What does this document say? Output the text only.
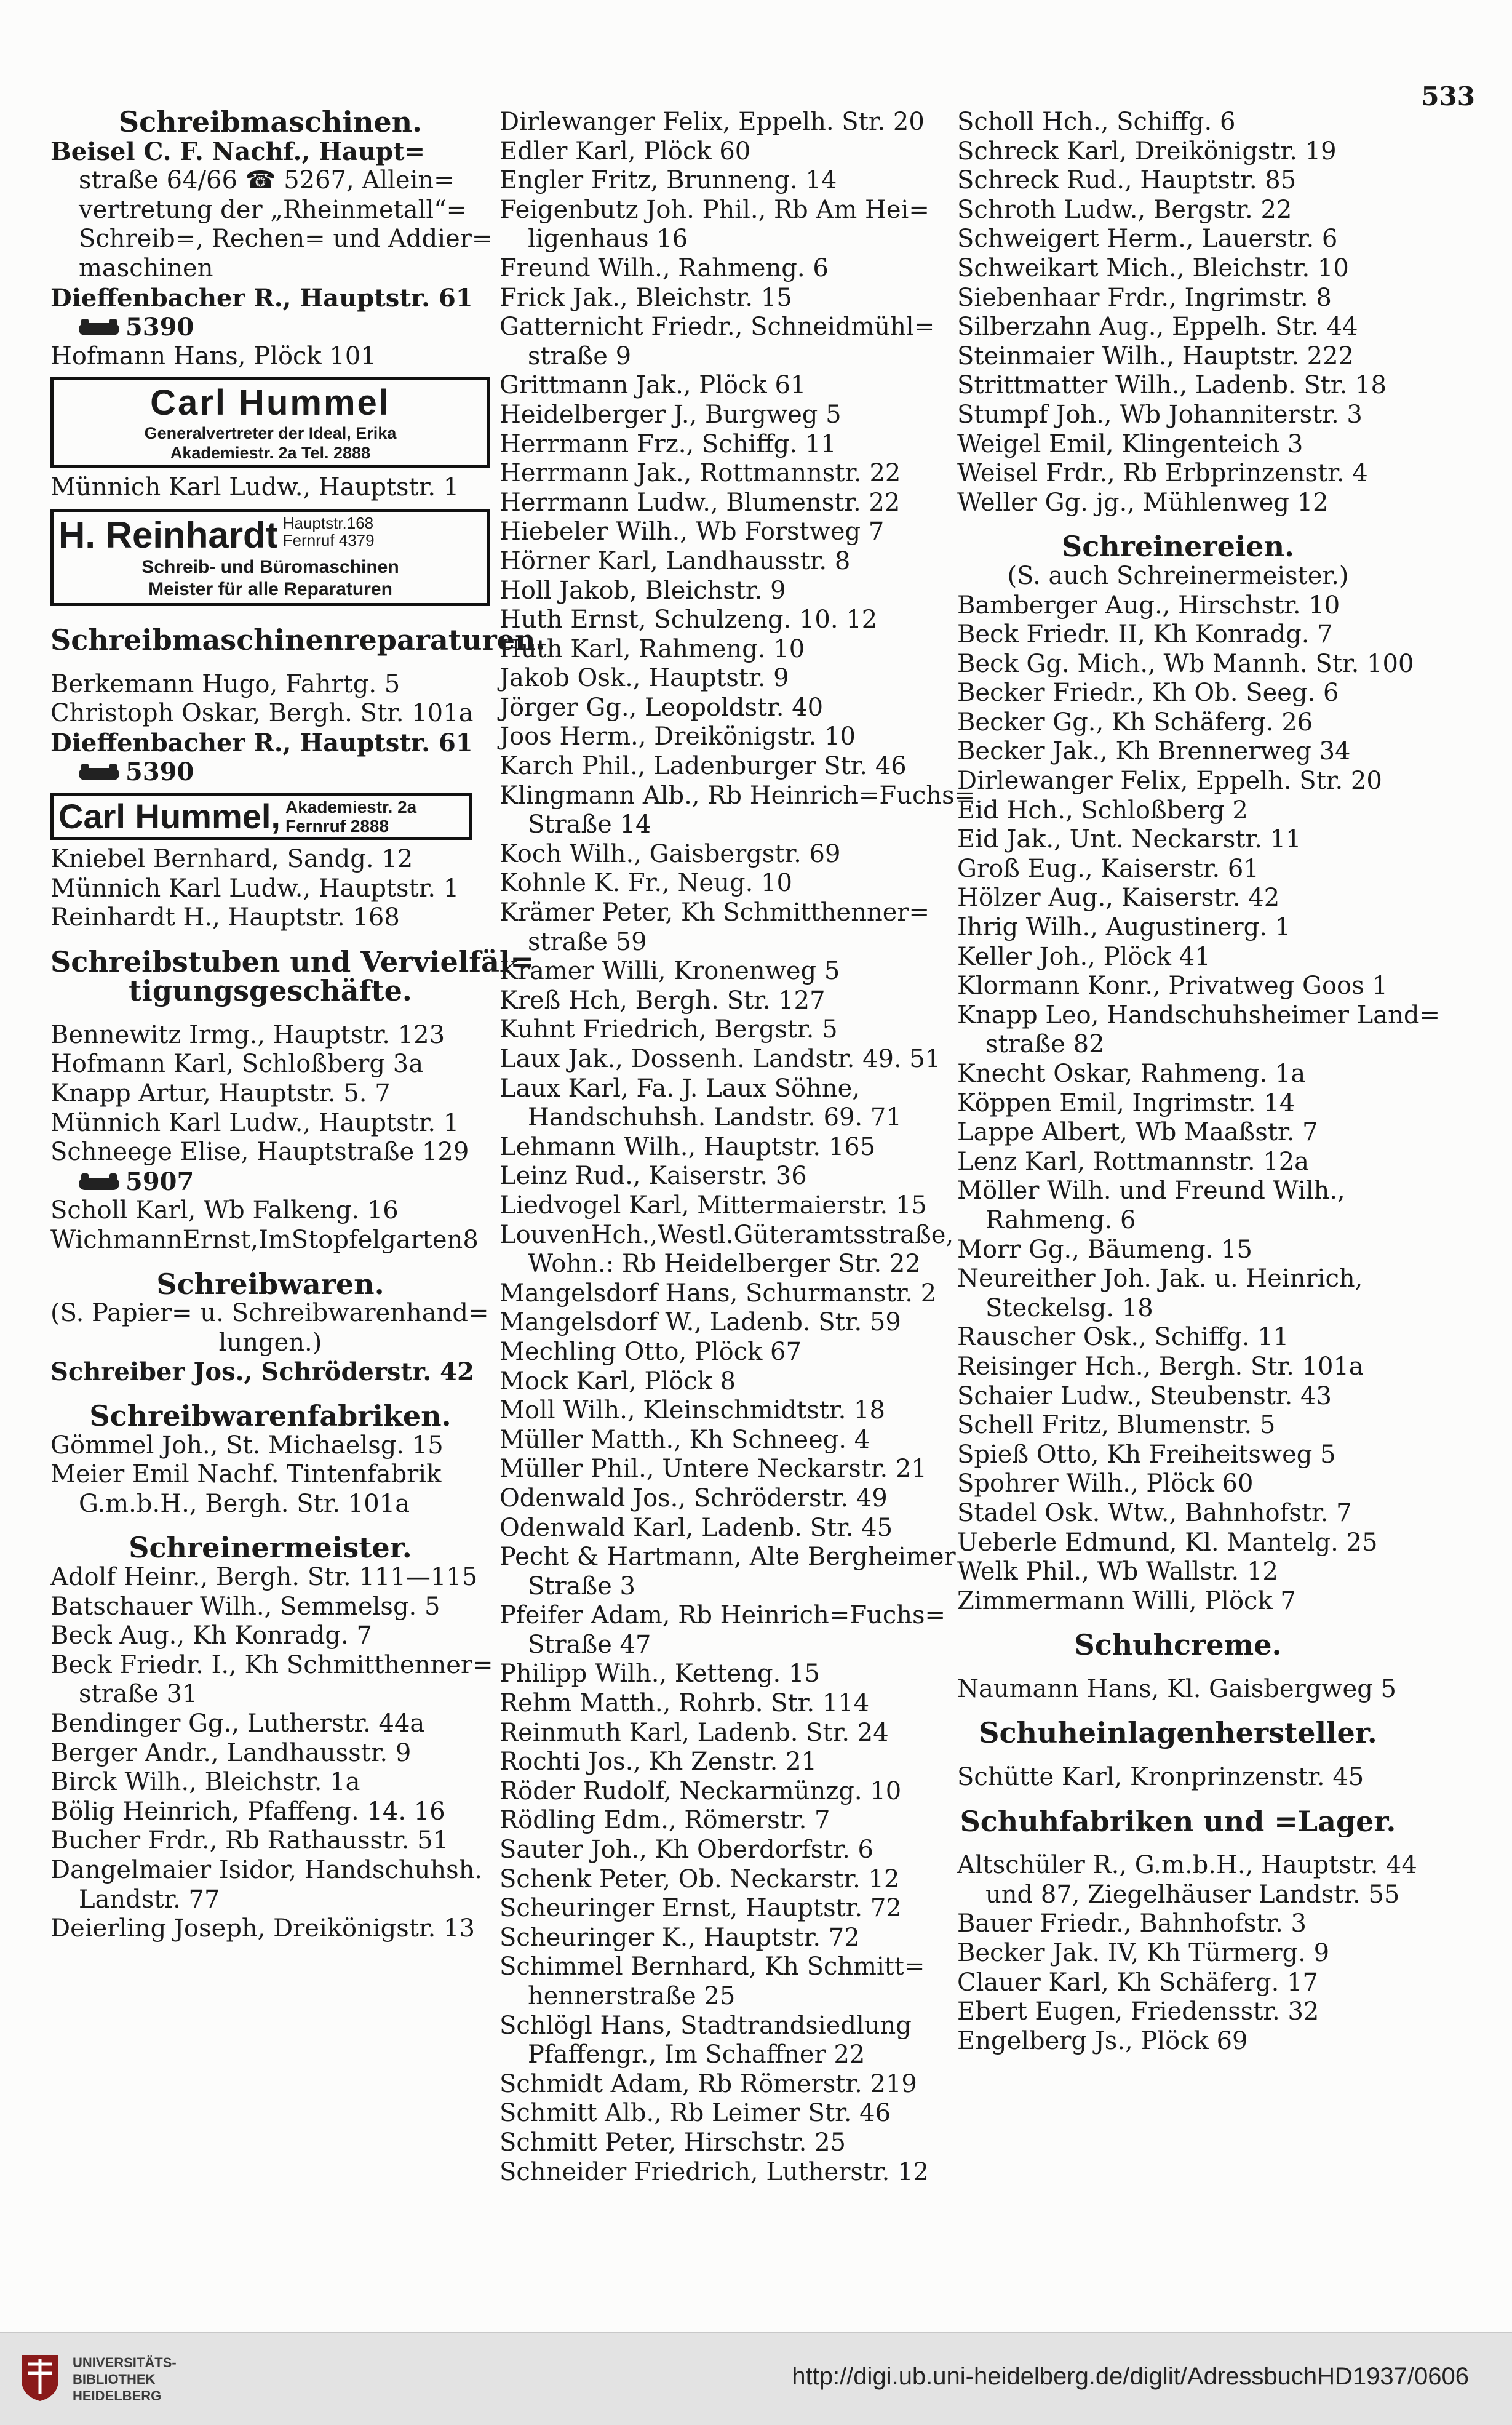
533
Schreibmaschinen.
Beisel C. F. Nachf., Haupt=
straße 64/66 ☎ 5267, Allein=
vertretung der „Rheinmetall“=
Schreib=, Rechen= und Addier=
maschinen
Dieffenbacher R., Hauptstr. 61
5390
Hofmann Hans, Plöck 101
Carl Hummel
Generalvertreter der Ideal, Erika
Akademiestr. 2a Tel. 2888
Münnich Karl Ludw., Hauptstr. 1
H. Reinhardt Hauptstr.168
Fernruf 4379
Schreib- und Büromaschinen
Meister für alle Reparaturen
Schreibmaschinenreparaturen.
Berkemann Hugo, Fahrtg. 5
Christoph Oskar, Bergh. Str. 101a
Dieffenbacher R., Hauptstr. 61
5390
Carl Hummel, Akademiestr. 2a
Fernruf 2888
Kniebel Bernhard, Sandg. 12
Münnich Karl Ludw., Hauptstr. 1
Reinhardt H., Hauptstr. 168
Schreibstuben und Vervielfäl=
tigungsgeschäfte.
Bennewitz Irmg., Hauptstr. 123
Hofmann Karl, Schloßberg 3a
Knapp Artur, Hauptstr. 5. 7
Münnich Karl Ludw., Hauptstr. 1
Schneege Elise, Hauptstraße 129
5907
Scholl Karl, Wb Falkeng. 16
WichmannErnst,ImStopfelgarten8
Schreibwaren.
(S. Papier= u. Schreibwarenhand=
lungen.)
Schreiber Jos., Schröderstr. 42
Schreibwarenfabriken.
Gömmel Joh., St. Michaelsg. 15
Meier Emil Nachf. Tintenfabrik
G.m.b.H., Bergh. Str. 101a
Schreinermeister.
Adolf Heinr., Bergh. Str. 111—115
Batschauer Wilh., Semmelsg. 5
Beck Aug., Kh Konradg. 7
Beck Friedr. I., Kh Schmitthenner=
straße 31
Bendinger Gg., Lutherstr. 44a
Berger Andr., Landhausstr. 9
Birck Wilh., Bleichstr. 1a
Bölig Heinrich, Pfaffeng. 14. 16
Bucher Frdr., Rb Rathausstr. 51
Dangelmaier Isidor, Handschuhsh.
Landstr. 77
Deierling Joseph, Dreikönigstr. 13
Dirlewanger Felix, Eppelh. Str. 20
Edler Karl, Plöck 60
Engler Fritz, Brunneng. 14
Feigenbutz Joh. Phil., Rb Am Hei=
ligenhaus 16
Freund Wilh., Rahmeng. 6
Frick Jak., Bleichstr. 15
Gatternicht Friedr., Schneidmühl=
straße 9
Grittmann Jak., Plöck 61
Heidelberger J., Burgweg 5
Herrmann Frz., Schiffg. 11
Herrmann Jak., Rottmannstr. 22
Herrmann Ludw., Blumenstr. 22
Hiebeler Wilh., Wb Forstweg 7
Hörner Karl, Landhausstr. 8
Holl Jakob, Bleichstr. 9
Huth Ernst, Schulzeng. 10. 12
Huth Karl, Rahmeng. 10
Jakob Osk., Hauptstr. 9
Jörger Gg., Leopoldstr. 40
Joos Herm., Dreikönigstr. 10
Karch Phil., Ladenburger Str. 46
Klingmann Alb., Rb Heinrich=Fuchs=
Straße 14
Koch Wilh., Gaisbergstr. 69
Kohnle K. Fr., Neug. 10
Krämer Peter, Kh Schmitthenner=
straße 59
Kramer Willi, Kronenweg 5
Kreß Hch, Bergh. Str. 127
Kuhnt Friedrich, Bergstr. 5
Laux Jak., Dossenh. Landstr. 49. 51
Laux Karl, Fa. J. Laux Söhne,
Handschuhsh. Landstr. 69. 71
Lehmann Wilh., Hauptstr. 165
Leinz Rud., Kaiserstr. 36
Liedvogel Karl, Mittermaierstr. 15
LouvenHch.,Westl.Güteramtsstraße,
Wohn.: Rb Heidelberger Str. 22
Mangelsdorf Hans, Schurmanstr. 2
Mangelsdorf W., Ladenb. Str. 59
Mechling Otto, Plöck 67
Mock Karl, Plöck 8
Moll Wilh., Kleinschmidtstr. 18
Müller Matth., Kh Schneeg. 4
Müller Phil., Untere Neckarstr. 21
Odenwald Jos., Schröderstr. 49
Odenwald Karl, Ladenb. Str. 45
Pecht & Hartmann, Alte Bergheimer
Straße 3
Pfeifer Adam, Rb Heinrich=Fuchs=
Straße 47
Philipp Wilh., Ketteng. 15
Rehm Matth., Rohrb. Str. 114
Reinmuth Karl, Ladenb. Str. 24
Rochti Jos., Kh Zenstr. 21
Röder Rudolf, Neckarmünzg. 10
Rödling Edm., Römerstr. 7
Sauter Joh., Kh Oberdorfstr. 6
Schenk Peter, Ob. Neckarstr. 12
Scheuringer Ernst, Hauptstr. 72
Scheuringer K., Hauptstr. 72
Schimmel Bernhard, Kh Schmitt=
hennerstraße 25
Schlögl Hans, Stadtrandsiedlung
Pfaffengr., Im Schaffner 22
Schmidt Adam, Rb Römerstr. 219
Schmitt Alb., Rb Leimer Str. 46
Schmitt Peter, Hirschstr. 25
Schneider Friedrich, Lutherstr. 12
Scholl Hch., Schiffg. 6
Schreck Karl, Dreikönigstr. 19
Schreck Rud., Hauptstr. 85
Schroth Ludw., Bergstr. 22
Schweigert Herm., Lauerstr. 6
Schweikart Mich., Bleichstr. 10
Siebenhaar Frdr., Ingrimstr. 8
Silberzahn Aug., Eppelh. Str. 44
Steinmaier Wilh., Hauptstr. 222
Strittmatter Wilh., Ladenb. Str. 18
Stumpf Joh., Wb Johanniterstr. 3
Weigel Emil, Klingenteich 3
Weisel Frdr., Rb Erbprinzenstr. 4
Weller Gg. jg., Mühlenweg 12
Schreinereien.
(S. auch Schreinermeister.)
Bamberger Aug., Hirschstr. 10
Beck Friedr. II, Kh Konradg. 7
Beck Gg. Mich., Wb Mannh. Str. 100
Becker Friedr., Kh Ob. Seeg. 6
Becker Gg., Kh Schäferg. 26
Becker Jak., Kh Brennerweg 34
Dirlewanger Felix, Eppelh. Str. 20
Eid Hch., Schloßberg 2
Eid Jak., Unt. Neckarstr. 11
Groß Eug., Kaiserstr. 61
Hölzer Aug., Kaiserstr. 42
Ihrig Wilh., Augustinerg. 1
Keller Joh., Plöck 41
Klormann Konr., Privatweg Goos 1
Knapp Leo, Handschuhsheimer Land=
straße 82
Knecht Oskar, Rahmeng. 1a
Köppen Emil, Ingrimstr. 14
Lappe Albert, Wb Maaßstr. 7
Lenz Karl, Rottmannstr. 12a
Möller Wilh. und Freund Wilh.,
Rahmeng. 6
Morr Gg., Bäumeng. 15
Neureither Joh. Jak. u. Heinrich,
Steckelsg. 18
Rauscher Osk., Schiffg. 11
Reisinger Hch., Bergh. Str. 101a
Schaier Ludw., Steubenstr. 43
Schell Fritz, Blumenstr. 5
Spieß Otto, Kh Freiheitsweg 5
Spohrer Wilh., Plöck 60
Stadel Osk. Wtw., Bahnhofstr. 7
Ueberle Edmund, Kl. Mantelg. 25
Welk Phil., Wb Wallstr. 12
Zimmermann Willi, Plöck 7
Schuhcreme.
Naumann Hans, Kl. Gaisbergweg 5
Schuheinlagenhersteller.
Schütte Karl, Kronprinzenstr. 45
Schuhfabriken und =Lager.
Altschüler R., G.m.b.H., Hauptstr. 44
und 87, Ziegelhäuser Landstr. 55
Bauer Friedr., Bahnhofstr. 3
Becker Jak. IV, Kh Türmerg. 9
Clauer Karl, Kh Schäferg. 17
Ebert Eugen, Friedensstr. 32
Engelberg Js., Plöck 69
UNIVERSITÄTS-
BIBLIOTHEK
HEIDELBERG
http://digi.ub.uni-heidelberg.de/diglit/AdressbuchHD1937/0606
